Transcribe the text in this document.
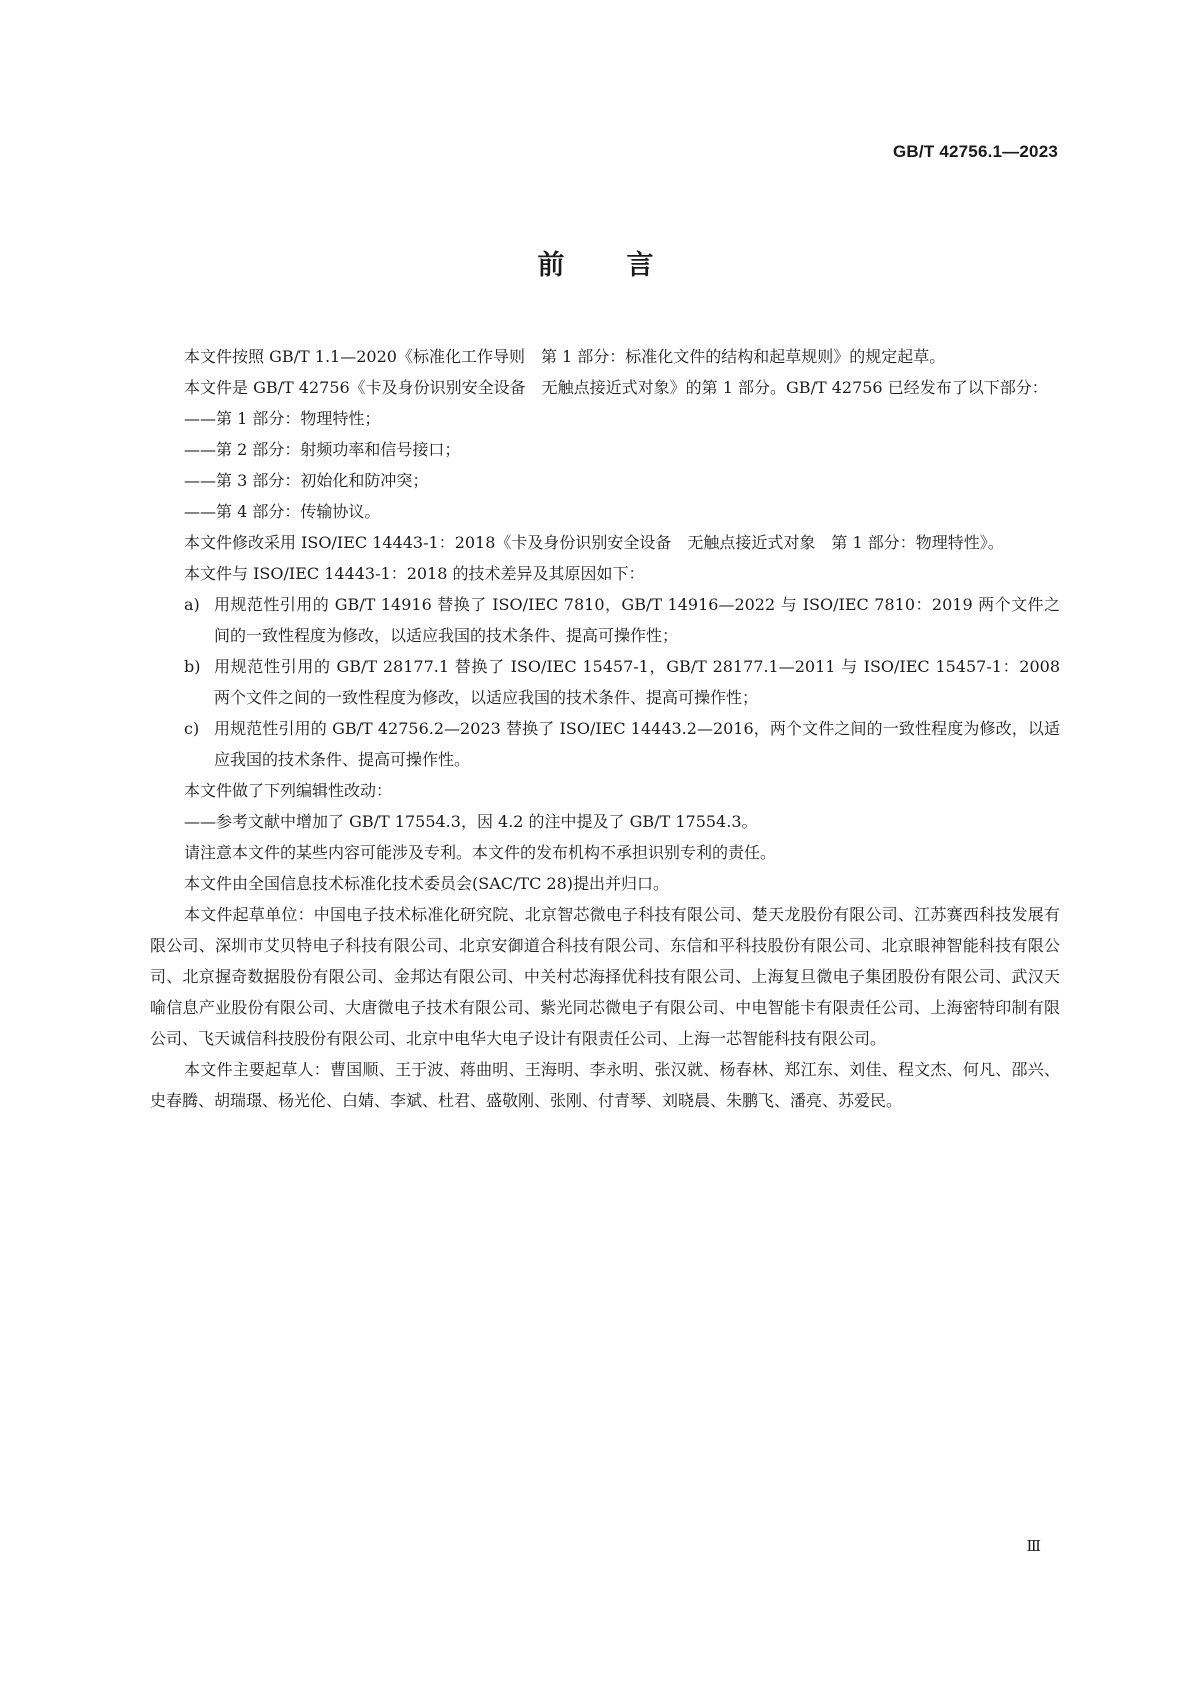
GB/T 42756.1—2023
前言

本文件按照 GB/T 1.1—2020《标准化工作导则　第 1 部分：标准化文件的结构和起草规则》的规定起草。

本文件是 GB/T 42756《卡及身份识别安全设备　无触点接近式对象》的第 1 部分。GB/T 42756 已经发布了以下部分：

——第 1 部分：物理特性；

——第 2 部分：射频功率和信号接口；

——第 3 部分：初始化和防冲突；

——第 4 部分：传输协议。

本文件修改采用 ISO/IEC 14443-1：2018《卡及身份识别安全设备　无触点接近式对象　第 1 部分：物理特性》。

本文件与 ISO/IEC 14443-1：2018 的技术差异及其原因如下：

a) 用规范性引用的 GB/T 14916 替换了 ISO/IEC 7810，GB/T 14916—2022 与 ISO/IEC 7810：2019 两个文件之间的一致性程度为修改，以适应我国的技术条件、提高可操作性；
b) 用规范性引用的 GB/T 28177.1 替换了 ISO/IEC 15457-1，GB/T 28177.1—2011 与 ISO/IEC 15457-1：2008 两个文件之间的一致性程度为修改，以适应我国的技术条件、提高可操作性；
c) 用规范性引用的 GB/T 42756.2—2023 替换了 ISO/IEC 14443.2—2016，两个文件之间的一致性程度为修改，以适应我国的技术条件、提高可操作性。

本文件做了下列编辑性改动：

——参考文献中增加了 GB/T 17554.3，因 4.2 的注中提及了 GB/T 17554.3。

请注意本文件的某些内容可能涉及专利。本文件的发布机构不承担识别专利的责任。

本文件由全国信息技术标准化技术委员会(SAC/TC 28)提出并归口。

本文件起草单位：中国电子技术标准化研究院、北京智芯微电子科技有限公司、楚天龙股份有限公司、江苏赛西科技发展有限公司、深圳市艾贝特电子科技有限公司、北京安御道合科技有限公司、东信和平科技股份有限公司、北京眼神智能科技有限公司、北京握奇数据股份有限公司、金邦达有限公司、中关村芯海择优科技有限公司、上海复旦微电子集团股份有限公司、武汉天喻信息产业股份有限公司、大唐微电子技术有限公司、紫光同芯微电子有限公司、中电智能卡有限责任公司、上海密特印制有限公司、飞天诚信科技股份有限公司、北京中电华大电子设计有限责任公司、上海一芯智能科技有限公司。

本文件主要起草人：曹国顺、王于波、蒋曲明、王海明、李永明、张汉就、杨春林、郑江东、刘佳、程文杰、何凡、邵兴、史春腾、胡瑞璟、杨光伦、白婧、李斌、杜君、盛敬刚、张刚、付青琴、刘晓晨、朱鹏飞、潘亮、苏爱民。

Ⅲ
